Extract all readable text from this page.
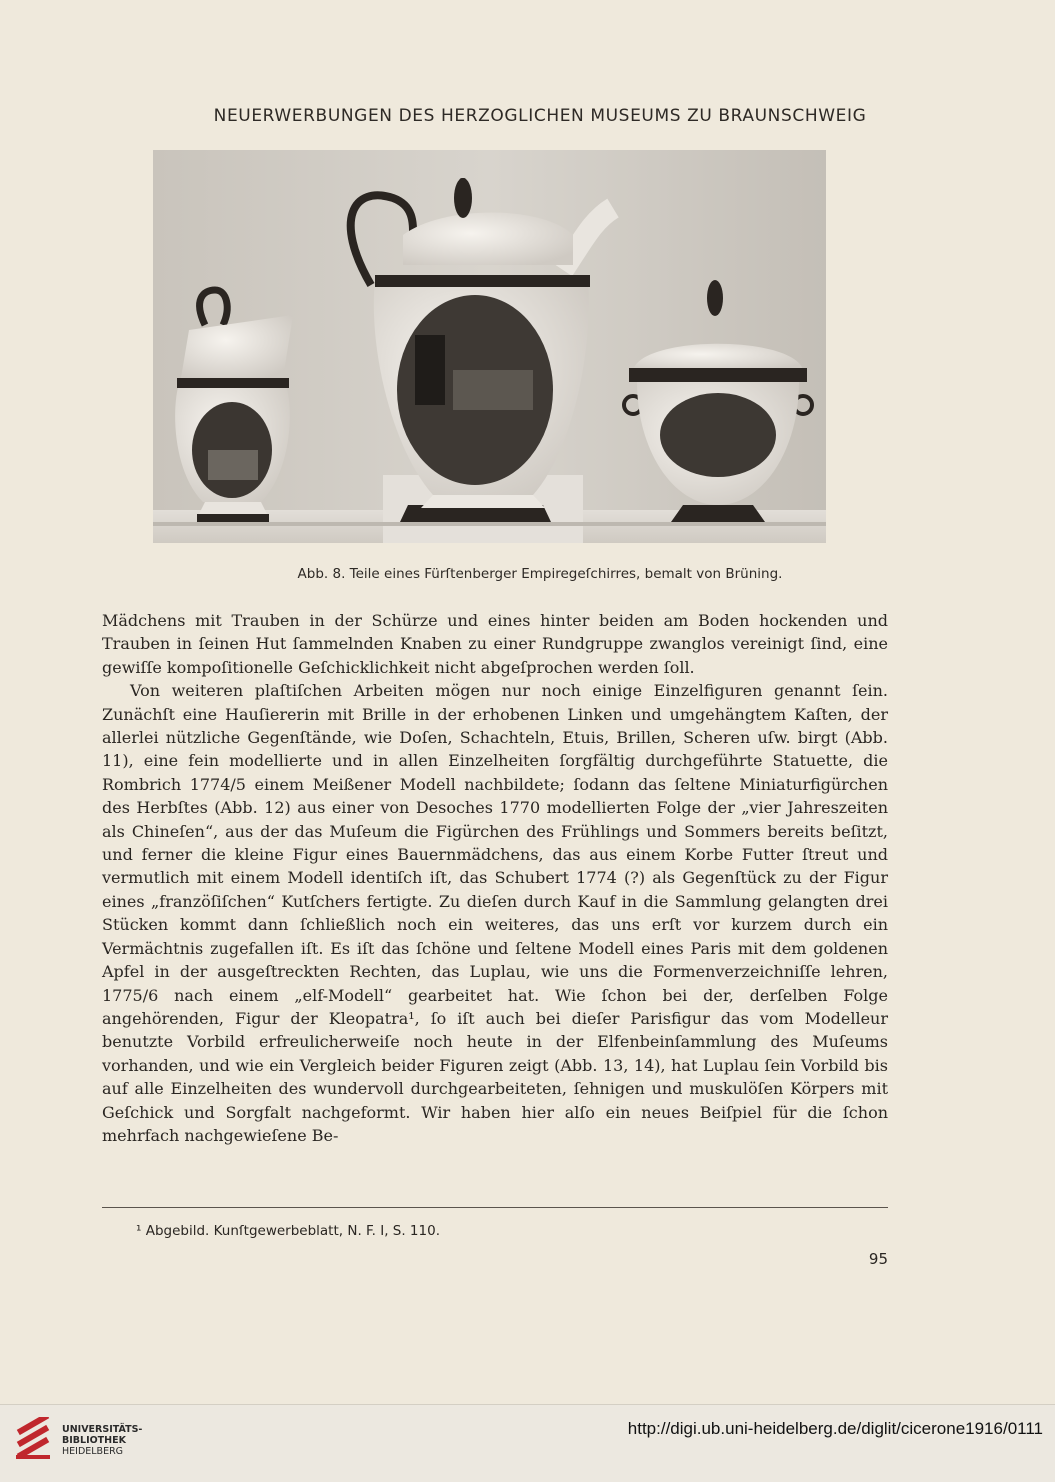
NEUERWERBUNGEN DES HERZOGLICHEN MUSEUMS ZU BRAUNSCHWEIG
Abb. 8. Teile eines Fürſtenberger Empiregeſchirres, bemalt von Brüning.

Mädchens mit Trauben in der Schürze und eines hinter beiden am Boden hockenden und Trauben in ſeinen Hut ſammelnden Knaben zu einer Rundgruppe zwanglos vereinigt ſind, eine gewiſſe kompoſitionelle Geſchicklichkeit nicht abgeſprochen werden ſoll.

Von weiteren plaſtiſchen Arbeiten mögen nur noch einige Einzelfiguren genannt ſein. Zunächſt eine Hauſiererin mit Brille in der erhobenen Linken und umgehängtem Kaſten, der allerlei nützliche Gegenſtände, wie Doſen, Schachteln, Etuis, Brillen, Scheren uſw. birgt (Abb. 11), eine fein modellierte und in allen Einzelheiten ſorgfältig durchgeführte Statuette, die Rombrich 1774/5 einem Meißener Modell nachbildete; ſodann das ſeltene Miniaturfigürchen des Herbſtes (Abb. 12) aus einer von Desoches 1770 modellierten Folge der „vier Jahreszeiten als Chineſen“, aus der das Muſeum die Figürchen des Frühlings und Sommers bereits beſitzt, und ferner die kleine Figur eines Bauernmädchens, das aus einem Korbe Futter ſtreut und vermutlich mit einem Modell identiſch iſt, das Schubert 1774 (?) als Gegenſtück zu der Figur eines „franzöſiſchen“ Kutſchers fertigte. Zu dieſen durch Kauf in die Sammlung gelangten drei Stücken kommt dann ſchließlich noch ein weiteres, das uns erſt vor kurzem durch ein Vermächtnis zugefallen iſt. Es iſt das ſchöne und ſeltene Modell eines Paris mit dem goldenen Apfel in der ausgeſtreckten Rechten, das Luplau, wie uns die Formenverzeichniſſe lehren, 1775/6 nach einem „elf-Modell“ gearbeitet hat. Wie ſchon bei der, derſelben Folge angehörenden, Figur der Kleopatra¹, ſo iſt auch bei dieſer Parisfigur das vom Modelleur benutzte Vorbild erfreulicherweiſe noch heute in der Elfenbeinſammlung des Muſeums vorhanden, und wie ein Vergleich beider Figuren zeigt (Abb. 13, 14), hat Luplau ſein Vorbild bis auf alle Einzelheiten des wundervoll durchgearbeiteten, ſehnigen und muskulöſen Körpers mit Geſchick und Sorgfalt nachgeformt. Wir haben hier alſo ein neues Beiſpiel für die ſchon mehrfach nachgewieſene Be-

¹ Abgebild. Kunſtgewerbeblatt, N. F. I, S. 110.
95
UNIVERSITÄTS-
BIBLIOTHEK
HEIDELBERG
http://digi.ub.uni-heidelberg.de/diglit/cicerone1916/0111
